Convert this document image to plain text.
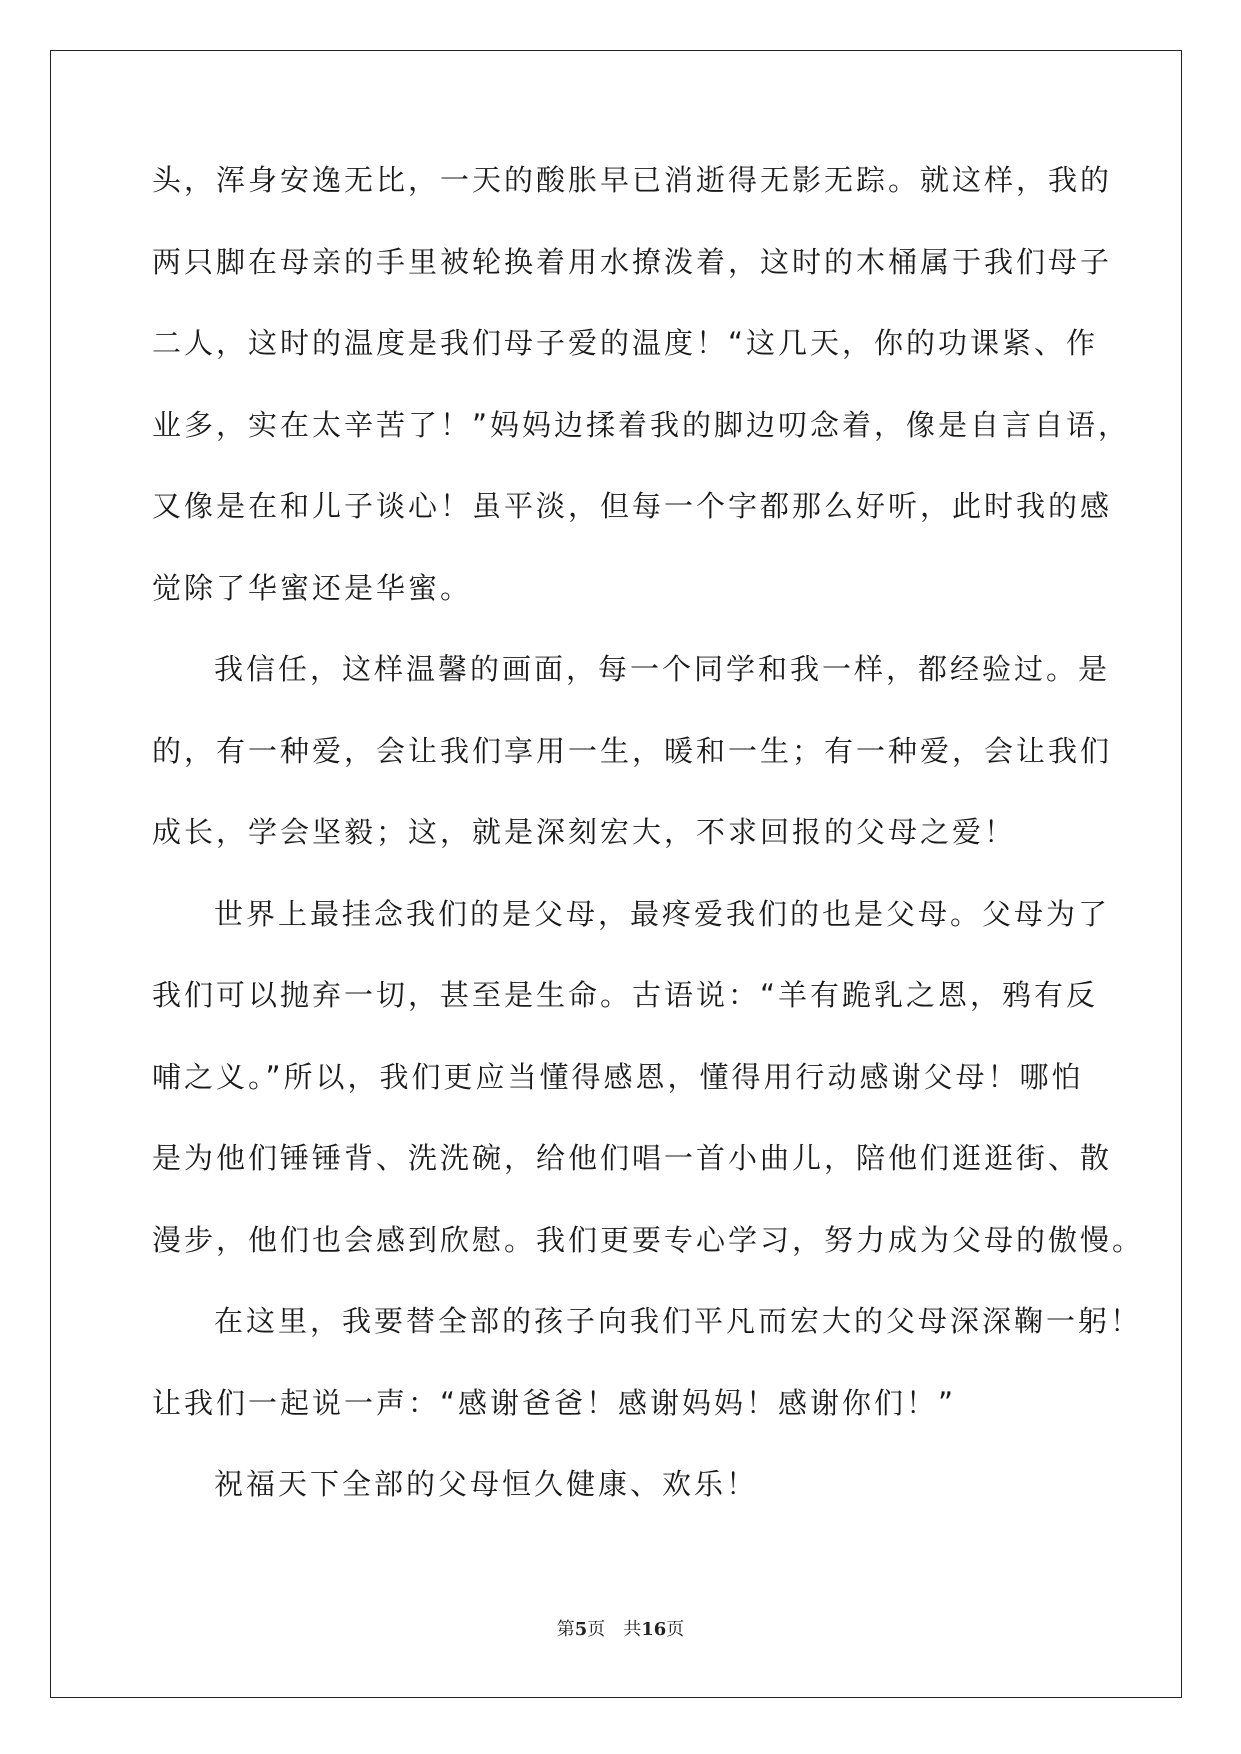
头，浑身安逸无比，一天的酸胀早已消逝得无影无踪。就这样，我的
两只脚在母亲的手里被轮换着用水撩泼着，这时的木桶属于我们母子
二人，这时的温度是我们母子爱的温度！“这几天，你的功课紧、作
业多，实在太辛苦了！”妈妈边揉着我的脚边叨念着，像是自言自语，
又像是在和儿子谈心！虽平淡，但每一个字都那么好听，此时我的感
觉除了华蜜还是华蜜。
我信任，这样温馨的画面，每一个同学和我一样，都经验过。是
的，有一种爱，会让我们享用一生，暖和一生；有一种爱，会让我们
成长，学会坚毅；这，就是深刻宏大，不求回报的父母之爱！
世界上最挂念我们的是父母，最疼爱我们的也是父母。父母为了
我们可以抛弃一切，甚至是生命。古语说：“羊有跪乳之恩，鸦有反
哺之义。”所以，我们更应当懂得感恩，懂得用行动感谢父母！哪怕
是为他们锤锤背、洗洗碗，给他们唱一首小曲儿，陪他们逛逛街、散
漫步，他们也会感到欣慰。我们更要专心学习，努力成为父母的傲慢。
在这里，我要替全部的孩子向我们平凡而宏大的父母深深鞠一躬！
让我们一起说一声：“感谢爸爸！感谢妈妈！感谢你们！”
祝福天下全部的父母恒久健康、欢乐！
第5页　共16页
